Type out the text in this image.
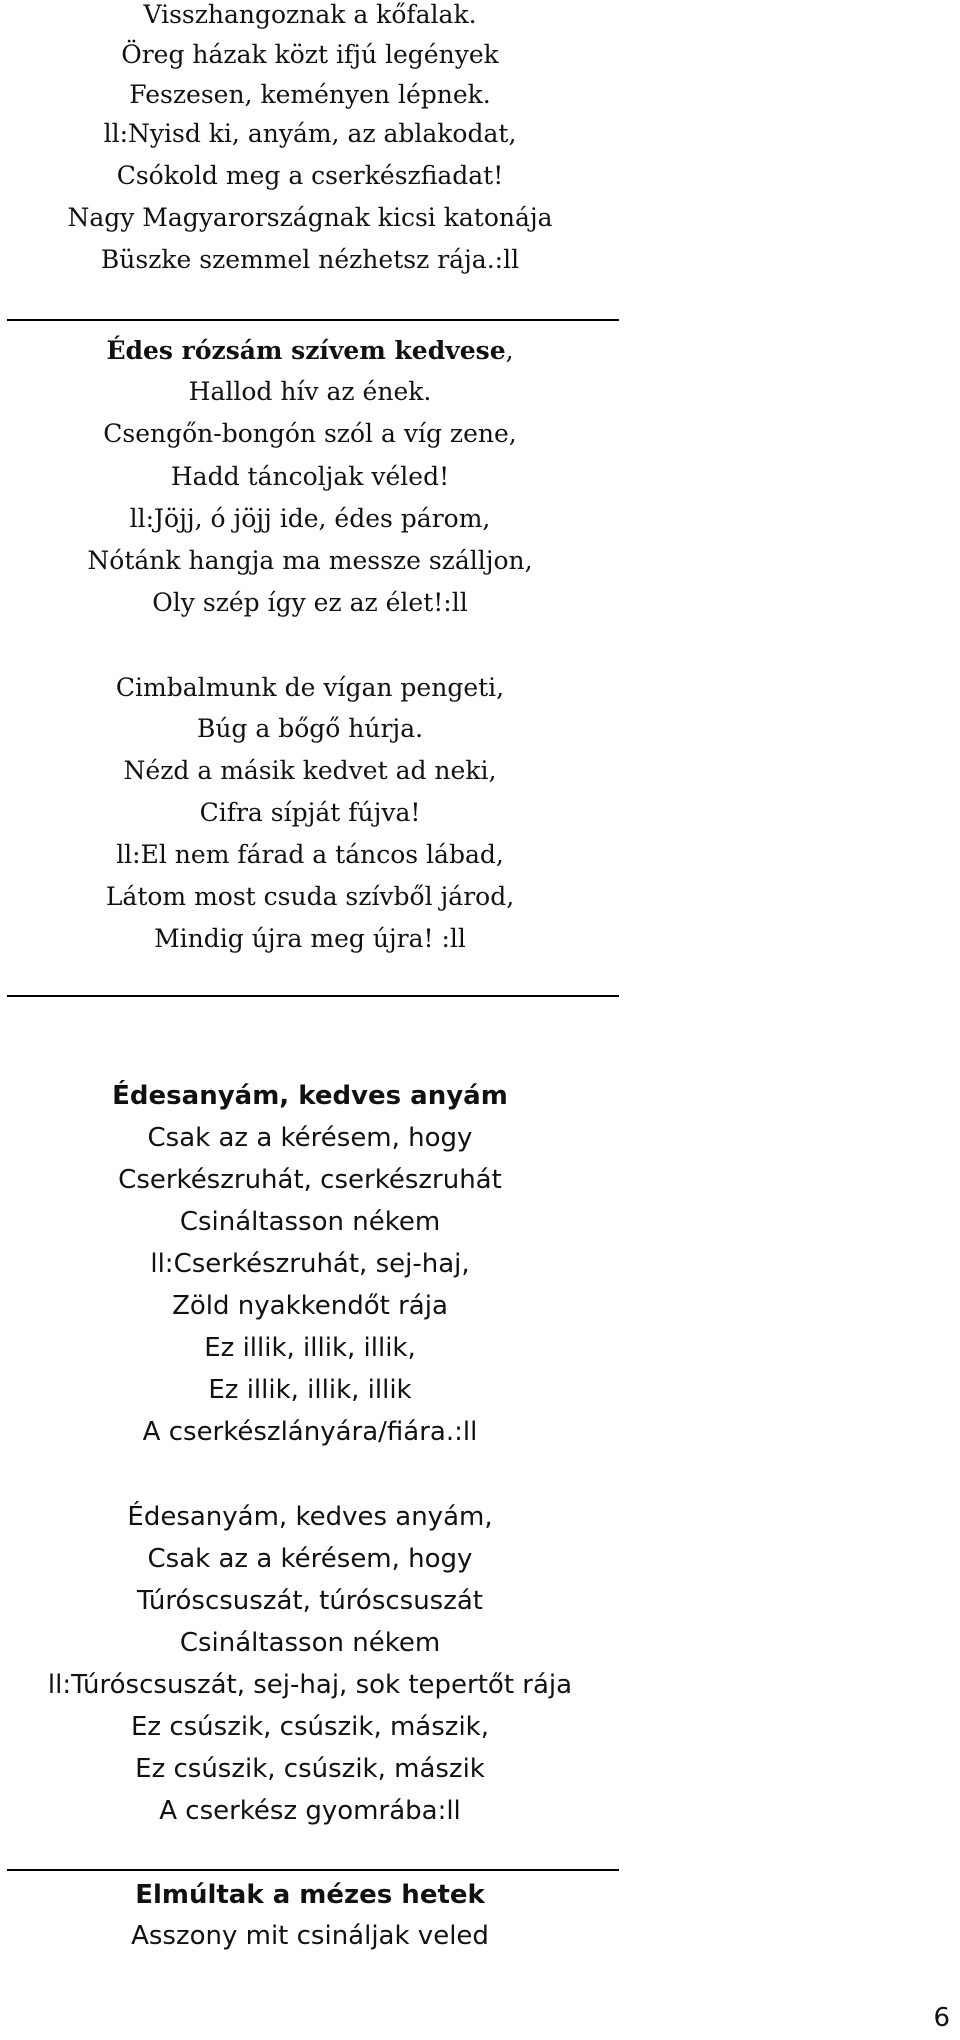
Visszhangoznak a kőfalak.
Öreg házak közt ifjú legények
Feszesen, keményen lépnek.
ll:Nyisd ki, anyám, az ablakodat,
Csókold meg a cserkészfiadat!
Nagy Magyarországnak kicsi katonája
Büszke szemmel nézhetsz rája.:ll
Édes rózsám szívem kedvese,
Hallod hív az ének.
Csengőn-bongón szól a víg zene,
Hadd táncoljak véled!
ll:Jöjj, ó jöjj ide, édes párom,
Nótánk hangja ma messze szálljon,
Oly szép így ez az élet!:ll
Cimbalmunk de vígan pengeti,
Búg a bőgő húrja.
Nézd a másik kedvet ad neki,
Cifra sípját fújva!
ll:El nem fárad a táncos lábad,
Látom most csuda szívből járod,
Mindig újra meg újra! :ll
Édesanyám, kedves anyám
Csak az a kérésem, hogy
Cserkészruhát, cserkészruhát
Csináltasson nékem
ll:Cserkészruhát, sej-haj,
Zöld nyakkendőt rája
Ez illik, illik, illik,
Ez illik, illik, illik
A cserkészlányára/fiára.:ll
Édesanyám, kedves anyám,
Csak az a kérésem, hogy
Túróscsuszát, túróscsuszát
Csináltasson nékem
ll:Túróscsuszát, sej-haj, sok tepertőt rája
Ez csúszik, csúszik, mászik,
Ez csúszik, csúszik, mászik
A cserkész gyomrába:ll
Elmúltak a mézes hetek
Asszony mit csináljak veled
6
